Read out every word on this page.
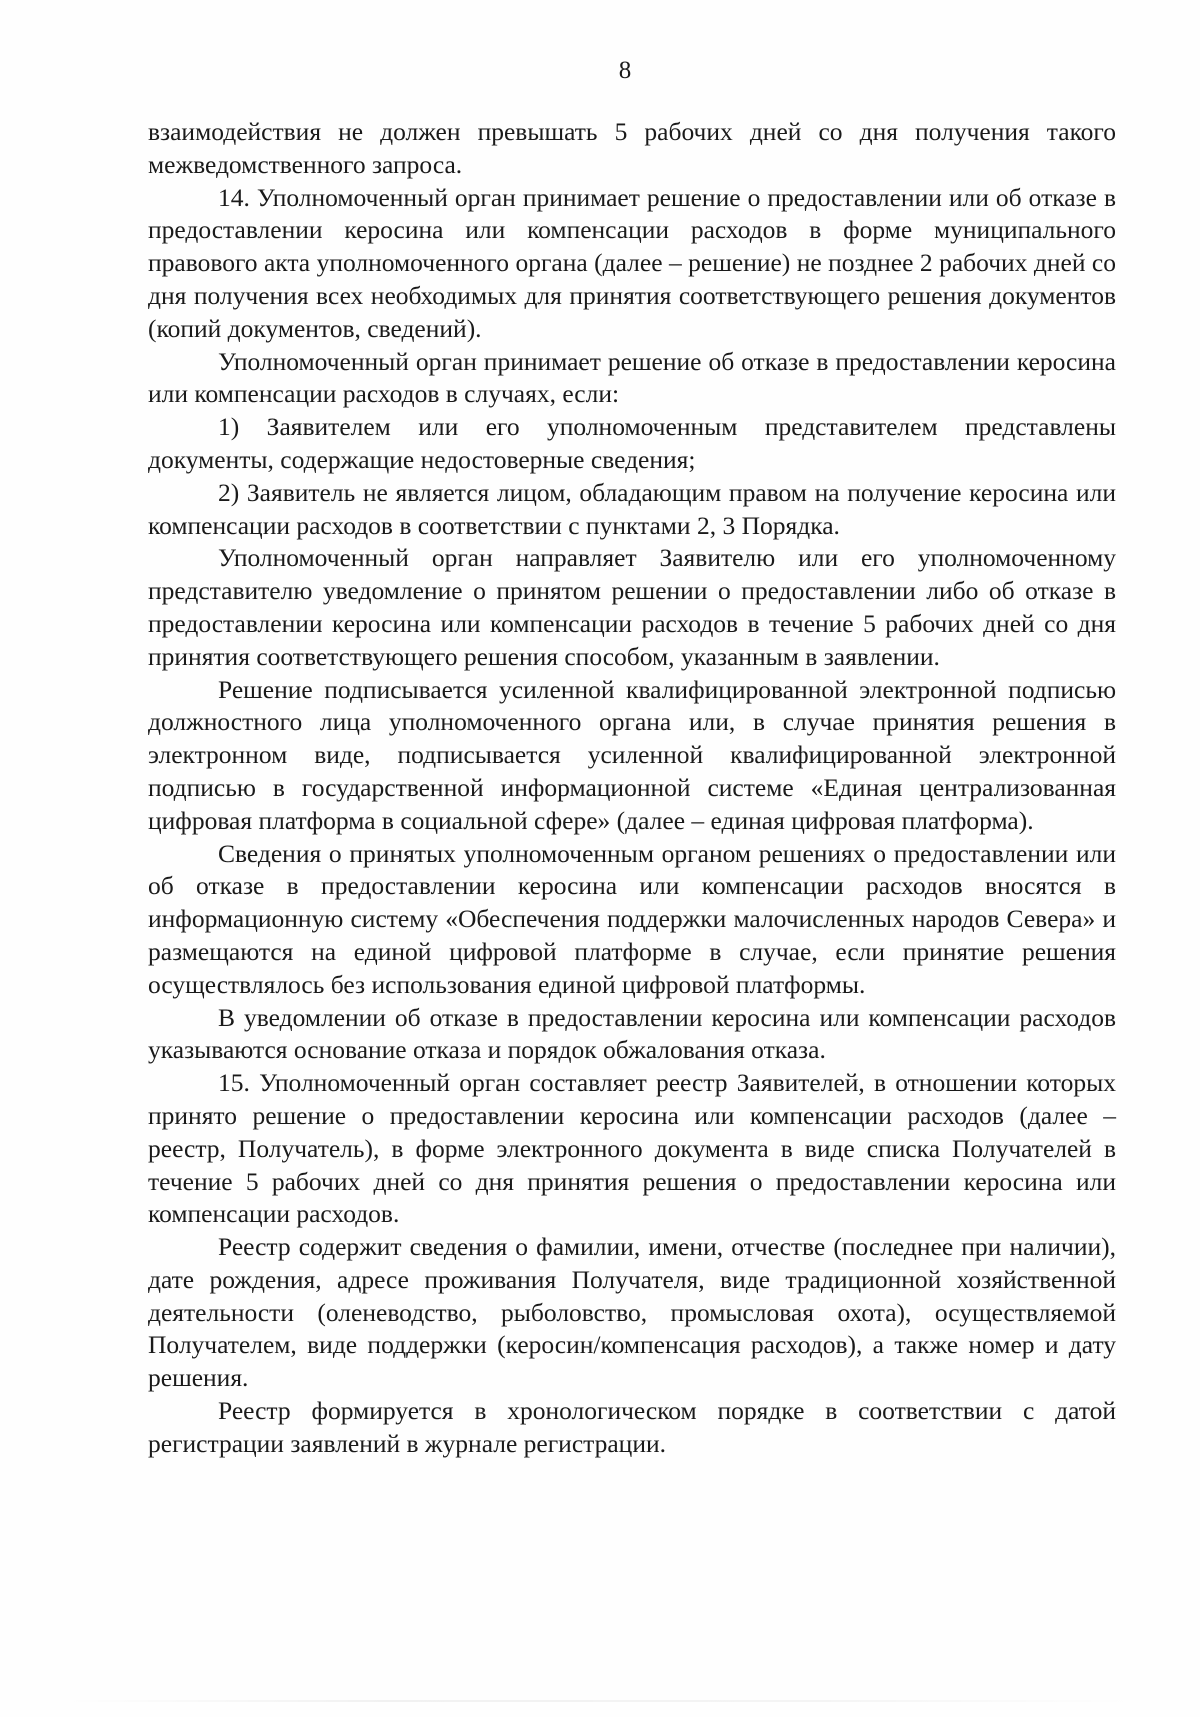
8

взаимодействия не должен превышать 5 рабочих дней со дня получения такого межведомственного запроса.

14. Уполномоченный орган принимает решение о предоставлении или об отказе в предоставлении керосина или компенсации расходов в форме муниципального правового акта уполномоченного органа (далее – решение) не позднее 2 рабочих дней со дня получения всех необходимых для принятия соответствующего решения документов (копий документов, сведений).

Уполномоченный орган принимает решение об отказе в предоставлении керосина или компенсации расходов в случаях, если:

1) Заявителем или его уполномоченным представителем представлены документы, содержащие недостоверные сведения;

2) Заявитель не является лицом, обладающим правом на получение керосина или компенсации расходов в соответствии с пунктами 2, 3 Порядка.

Уполномоченный орган направляет Заявителю или его уполномоченному представителю уведомление о принятом решении о предоставлении либо об отказе в предоставлении керосина или компенсации расходов в течение 5 рабочих дней со дня принятия соответствующего решения способом, указанным в заявлении.

Решение подписывается усиленной квалифицированной электронной подписью должностного лица уполномоченного органа или, в случае принятия решения в электронном виде, подписывается усиленной квалифицированной электронной подписью в государственной информационной системе «Единая централизованная цифровая платформа в социальной сфере» (далее – единая цифровая платформа).

Сведения о принятых уполномоченным органом решениях о предоставлении или об отказе в предоставлении керосина или компенсации расходов вносятся в информационную систему «Обеспечения поддержки малочисленных народов Севера» и размещаются на единой цифровой платформе в случае, если принятие решения осуществлялось без использования единой цифровой платформы.

В уведомлении об отказе в предоставлении керосина или компенсации расходов указываются основание отказа и порядок обжалования отказа.

15. Уполномоченный орган составляет реестр Заявителей, в отношении которых принято решение о предоставлении керосина или компенсации расходов (далее – реестр, Получатель), в форме электронного документа в виде списка Получателей в течение 5 рабочих дней со дня принятия решения о предоставлении керосина или компенсации расходов.

Реестр содержит сведения о фамилии, имени, отчестве (последнее при наличии), дате рождения, адресе проживания Получателя, виде традиционной хозяйственной деятельности (оленеводство, рыболовство, промысловая охота), осуществляемой Получателем, виде поддержки (керосин/компенсация расходов), а также номер и дату решения.

Реестр формируется в хронологическом порядке в соответствии с датой регистрации заявлений в журнале регистрации.
